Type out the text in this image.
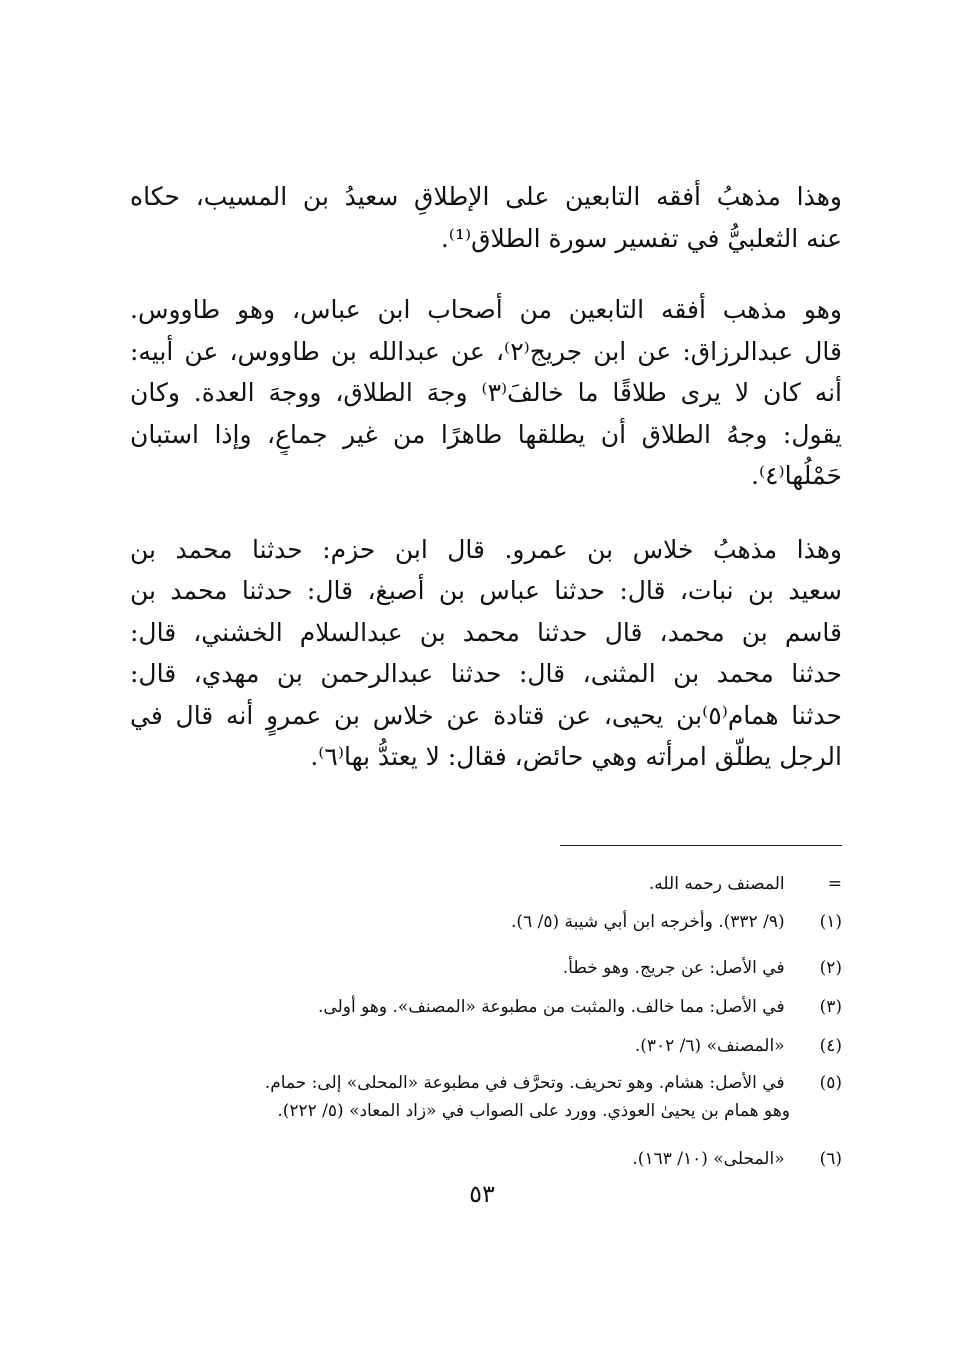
وهذا مذهبُ أفقه التابعين على الإطلاقِ سعيدُ بن المسيب، حكاه
عنه الثعلبيُّ في تفسير سورة الطلاق⁽¹⁾.

وهو مذهب أفقه التابعين من أصحاب ابن عباس، وهو طاووس.
قال عبدالرزاق: عن ابن جريج⁽٢⁾، عن عبدالله بن طاووس، عن أبيه:
أنه كان لا يرى طلاقًا ما خالفَ⁽٣⁾ وجهَ الطلاق، ووجهَ العدة. وكان
يقول: وجهُ الطلاق أن يطلقها طاهرًا من غير جماعٍ، وإذا استبان
حَمْلُها⁽٤⁾.

وهذا مذهبُ خلاس بن عمرو. قال ابن حزم: حدثنا محمد بن
سعيد بن نبات، قال: حدثنا عباس بن أصبغ، قال: حدثنا محمد بن
قاسم بن محمد، قال حدثنا محمد بن عبدالسلام الخشني، قال:
حدثنا محمد بن المثنى، قال: حدثنا عبدالرحمن بن مهدي، قال:
حدثنا همام⁽٥⁾بن يحيى، عن قتادة عن خلاس بن عمروٍ أنه قال في
الرجل يطلّق امرأته وهي حائض، فقال: لا يعتدُّ بها⁽٦⁾.

= المصنف رحمه الله.
(١) (٩/ ٣٣٢). وأخرجه ابن أبي شيبة (٥/ ٦).
(٢) في الأصل: عن جريج. وهو خطأ.
(٣) في الأصل: مما خالف. والمثبت من مطبوعة «المصنف». وهو أولى.
(٤) «المصنف» (٦/ ٣٠٢).
(٥) في الأصل: هشام. وهو تحريف. وتحرَّف في مطبوعة «المحلى» إلى: حمام.
وهو همام بن يحيىٰ العوذي. وورد على الصواب في «زاد المعاد» (٥/ ٢٢٢).
(٦) «المحلى» (١٠/ ١٦٣).
٥٣
